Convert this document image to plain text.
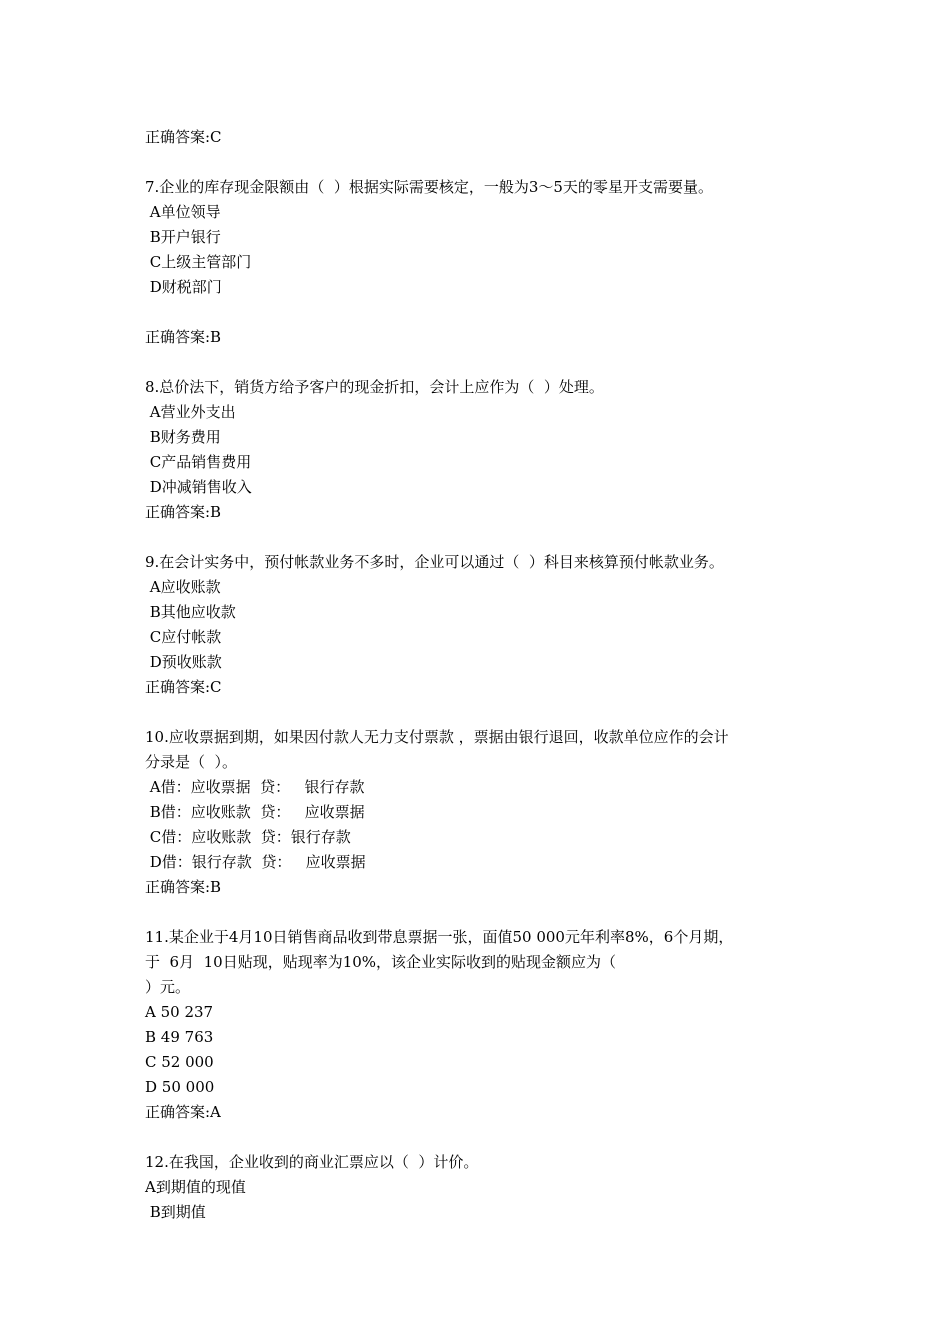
正确答案:C
7.企业的库存现金限额由（  ）根据实际需要核定，一般为3～5天的零星开支需要量。
A单位领导
B开户银行
C上级主管部门
D财税部门
正确答案:B
8.总价法下，销货方给予客户的现金折扣，会计上应作为（  ）处理。
A营业外支出
B财务费用
C产品销售费用
D冲减销售收入
正确答案:B
9.在会计实务中，预付帐款业务不多时，企业可以通过（  ）科目来核算预付帐款业务。
A应收账款
B其他应收款
C应付帐款
D预收账款
正确答案:C
10.应收票据到期，如果因付款人无力支付票款 ，票据由银行退回，收款单位应作的会计
分录是（  ）。
A借：应收票据  贷：   银行存款
B借：应收账款  贷：   应收票据
C借：应收账款  贷：银行存款
D借：银行存款  贷：   应收票据
正确答案:B
11.某企业于4月10日销售商品收到带息票据一张，面值50 000元年利率8%，6个月期，
于  6月  10日贴现，贴现率为10%，该企业实际收到的贴现金额应为（
）元。
A 50 237
B 49 763
C 52 000
D 50 000
正确答案:A
12.在我国，企业收到的商业汇票应以（  ）计价。
A到期值的现值
B到期值
